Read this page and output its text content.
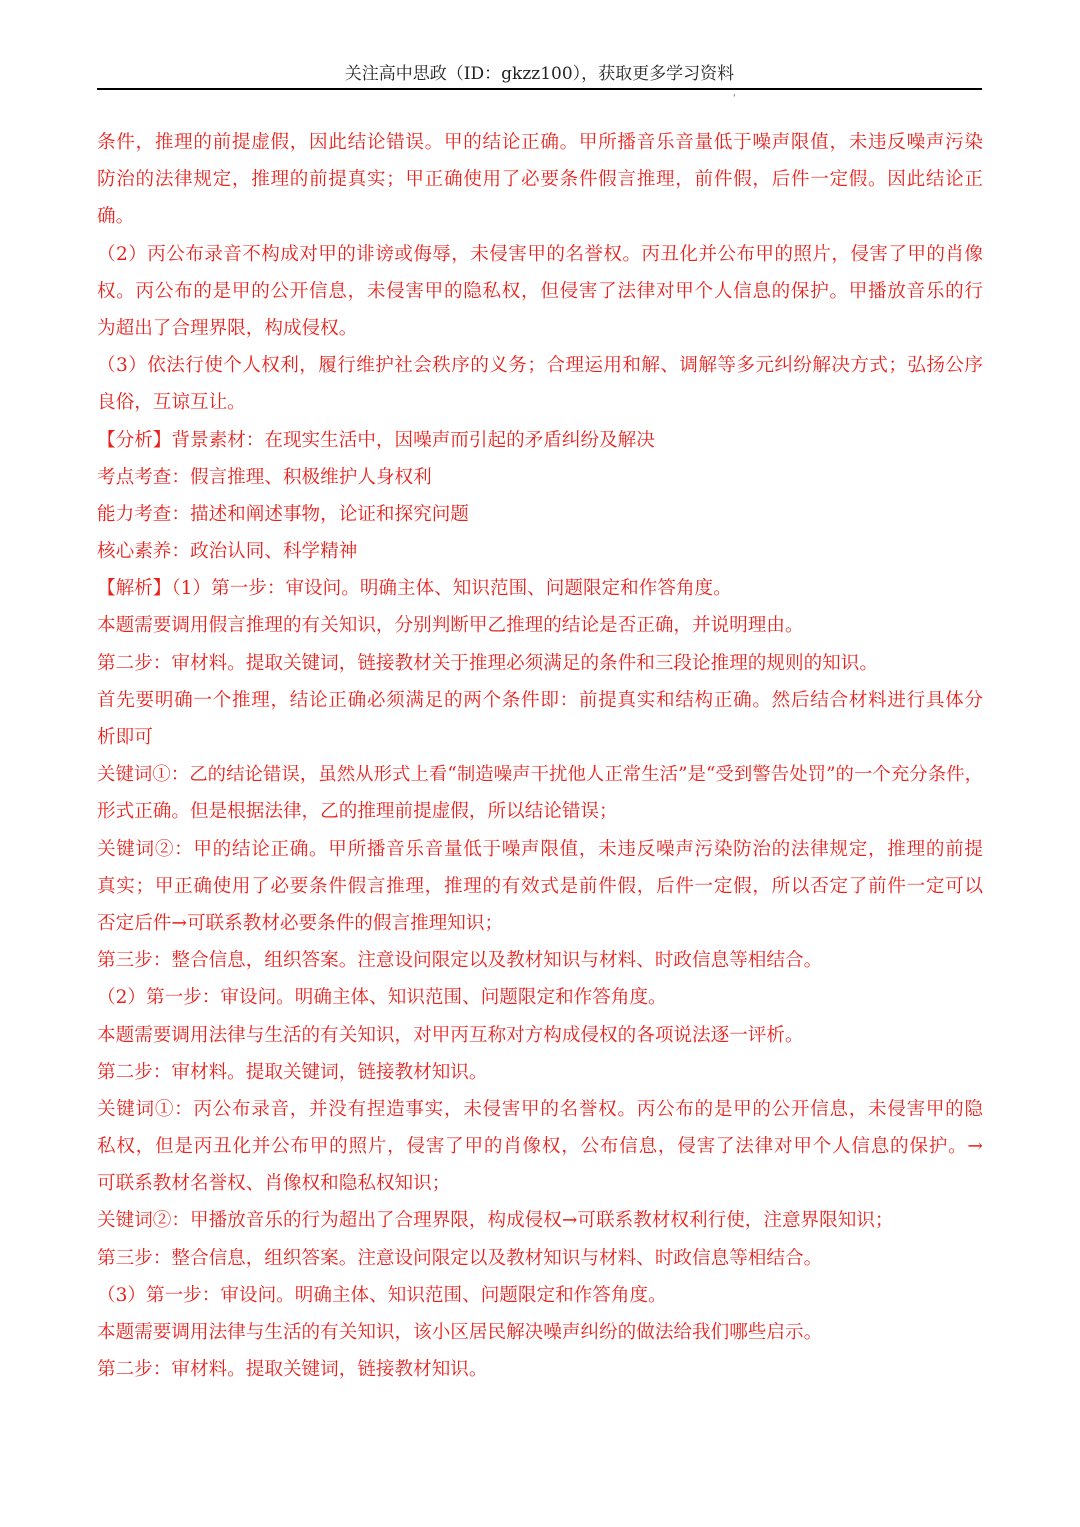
关注高中思政（ID：gkzz100），获取更多学习资料
'
条件，推理的前提虚假，因此结论错误。甲的结论正确。甲所播音乐音量低于噪声限值，未违反噪声污染
防治的法律规定，推理的前提真实；甲正确使用了必要条件假言推理，前件假，后件一定假。因此结论正
确。
（2）丙公布录音不构成对甲的诽谤或侮辱，未侵害甲的名誉权。丙丑化并公布甲的照片，侵害了甲的肖像
权。丙公布的是甲的公开信息，未侵害甲的隐私权，但侵害了法律对甲个人信息的保护。甲播放音乐的行
为超出了合理界限，构成侵权。
（3）依法行使个人权利，履行维护社会秩序的义务；合理运用和解、调解等多元纠纷解决方式；弘扬公序
良俗，互谅互让。
【分析】背景素材：在现实生活中，因噪声而引起的矛盾纠纷及解决
考点考查：假言推理、积极维护人身权利
能力考查：描述和阐述事物，论证和探究问题
核心素养：政治认同、科学精神
【解析】（1）第一步：审设问。明确主体、知识范围、问题限定和作答角度。
本题需要调用假言推理的有关知识，分别判断甲乙推理的结论是否正确，并说明理由。
第二步：审材料。提取关键词，链接教材关于推理必须满足的条件和三段论推理的规则的知识。
首先要明确一个推理，结论正确必须满足的两个条件即：前提真实和结构正确。然后结合材料进行具体分
析即可
关键词①：乙的结论错误，虽然从形式上看“制造噪声干扰他人正常生活”是“受到警告处罚”的一个充分条件，
形式正确。但是根据法律，乙的推理前提虚假，所以结论错误；
关键词②：甲的结论正确。甲所播音乐音量低于噪声限值，未违反噪声污染防治的法律规定，推理的前提
真实；甲正确使用了必要条件假言推理，推理的有效式是前件假，后件一定假，所以否定了前件一定可以
否定后件→可联系教材必要条件的假言推理知识；
第三步：整合信息，组织答案。注意设问限定以及教材知识与材料、时政信息等相结合。
（2）第一步：审设问。明确主体、知识范围、问题限定和作答角度。
本题需要调用法律与生活的有关知识，对甲丙互称对方构成侵权的各项说法逐一评析。
第二步：审材料。提取关键词，链接教材知识。
关键词①：丙公布录音，并没有捏造事实，未侵害甲的名誉权。丙公布的是甲的公开信息，未侵害甲的隐
私权，但是丙丑化并公布甲的照片，侵害了甲的肖像权，公布信息，侵害了法律对甲个人信息的保护。→
可联系教材名誉权、肖像权和隐私权知识；
关键词②：甲播放音乐的行为超出了合理界限，构成侵权→可联系教材权利行使，注意界限知识；
第三步：整合信息，组织答案。注意设问限定以及教材知识与材料、时政信息等相结合。
（3）第一步：审设问。明确主体、知识范围、问题限定和作答角度。
本题需要调用法律与生活的有关知识，该小区居民解决噪声纠纷的做法给我们哪些启示。
第二步：审材料。提取关键词，链接教材知识。
